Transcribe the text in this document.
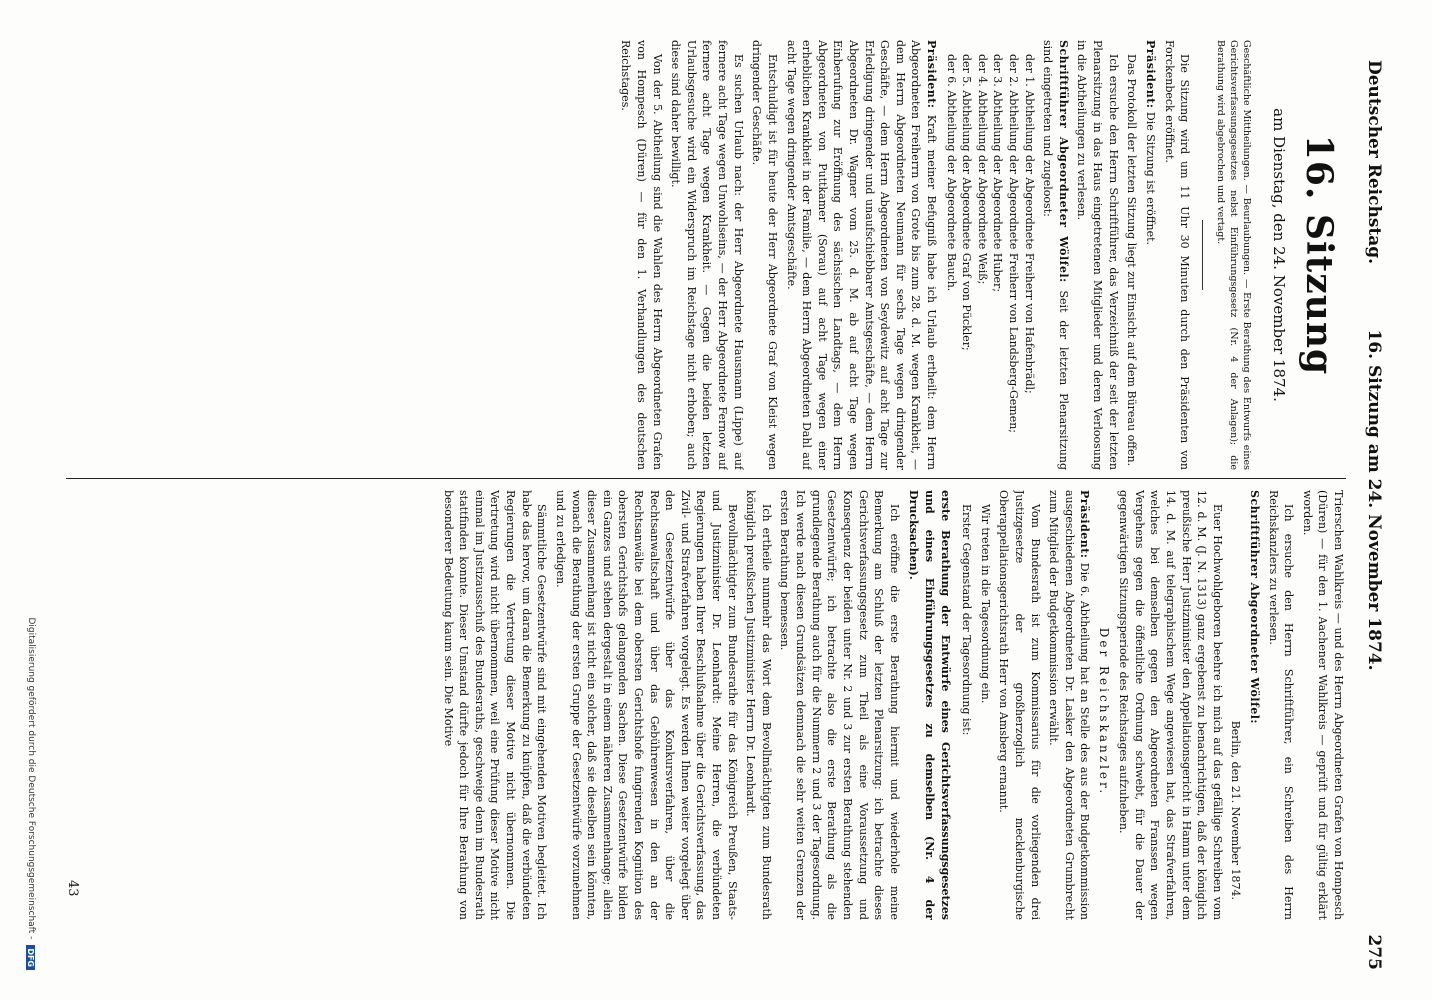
Deutscher Reichstag.
16. Sitzung am 24. November 1874.
275
16. Sitzung
am Dienstag, den 24. November 1874.
Geschäftliche Mittheilungen. — Beurlaubungen. — Erste Berathung des Entwurfs eines Gerichtsverfassungsgesetzes nebst Einführungsgesetz (Nr. 4 der Anlagen); die Berathung wird abgebrochen und vertagt.

Die Sitzung wird um 11 Uhr 30 Minuten durch den Präsidenten von Forckenbeck eröffnet.

Präsident: Die Sitzung ist eröffnet.

Das Protokoll der letzten Sitzung liegt zur Einsicht auf dem Büreau offen.

Ich ersuche den Herrn Schriftführer, das Verzeichniß der seit der letzten Plenarsitzung in das Haus eingetretenen Mitglieder und deren Verloosung in die Abtheilungen zu verlesen.

Schriftführer Abgeordneter Wölfel: Seit der letzten Plenarsitzung sind eingetreten und zugeloost:

der 1. Abtheilung der Abgeordnete Freiherr von Hafenbrädl;
der 2. Abtheilung der Abgeordnete Freiherr von Landsberg-Gemen;
der 3. Abtheilung der Abgeordnete Huber;
der 4. Abtheilung der Abgeordnete Weiß;
der 5. Abtheilung der Abgeordnete Graf von Pückler;
der 6. Abtheilung der Abgeordnete Bauch.

Präsident: Kraft meiner Befugniß habe ich Urlaub ertheilt: dem Herrn Abgeordneten Freiherrn von Grote bis zum 28. d. M. wegen Krankheit, — dem Herrn Abgeordneten Neumann für sechs Tage wegen dringender Geschäfte, — dem Herrn Abgeordneten von Seydewitz auf acht Tage zur Erledigung dringender und unaufschiebbarer Amtsgeschäfte, — dem Herrn Abgeordneten Dr. Wagner vom 25. d. M. ab auf acht Tage wegen Einberufung zur Eröffnung des sächsischen Landtags, — dem Herrn Abgeordneten von Puttkamer (Sorau) auf acht Tage wegen einer erheblichen Krankheit in der Familie, — dem Herrn Abgeordneten Dahl auf acht Tage wegen dringender Amtsgeschäfte.

Entschuldigt ist für heute der Herr Abgeordnete Graf von Kleist wegen dringender Geschäfte.

Es suchen Urlaub nach: der Herr Abgeordnete Hausmann (Lippe) auf fernere acht Tage wegen Unwohlseins, — der Herr Abgeordnete Fernow auf fernere acht Tage wegen Krankheit. — Gegen die beiden letzten Urlaubsgesuche wird ein Widerspruch im Reichstage nicht erhoben; auch diese sind daher bewilligt.

Von der 5. Abtheilung sind die Wahlen des Herrn Abgeordneten Grafen von Hompesch (Düren) — für den 1. Verhandlungen des deutschen Reichstages.

Trierschen Wahlkreis — und des Herrn Abgeordneten Grafen von Hompesch (Düren) — für den 1. Aachener Wahlkreis — geprüft und für gültig erklärt worden.

Ich ersuche den Herrn Schriftführer, ein Schreiben des Herrn Reichskanzlers zu verlesen.

Schriftführer Abgeordneter Wölfel:

Berlin, den 21. November 1874.

Euer Hochwohlgeboren beehre ich mich auf das gefällige Schreiben vom 12. d. M. (J. N. 1313) ganz ergebenst zu benachrichtigen, daß der königlich preußische Herr Justizminister den Appellationsgericht in Hamm unter dem 14. d. M. auf telegraphischem Wege angewiesen hat, das Strafverfahren, welches bei demselben gegen den Abgeordneten Franssen wegen Vergehens gegen die öffentliche Ordnung schwebt, für die Dauer der gegenwärtigen Sitzungsperiode des Reichstages aufzuheben.

Der Reichskanzler.

Präsident: Die 6. Abtheilung hat an Stelle des aus der Budgetkommission ausgeschiedenen Abgeordneten Dr. Lasker den Abgeordneten Grumbrecht zum Mitglied der Budgetkommission erwählt.

Vom Bundesrath ist zum Kommissarius für die vorliegenden drei Justizgesetze der großherzoglich mecklenburgische Oberappellationsgerichtsrath Herr von Amsberg ernannt.

Wir treten in die Tagesordnung ein.

Erster Gegenstand der Tagesordnung ist:

erste Berathung der Entwürfe eines Gerichtsverfassungsgesetzes und eines Einführungsgesetzes zu demselben (Nr. 4 der Drucksachen).

Ich eröffne die erste Berathung hiermit und wiederhole meine Bemerkung am Schluß der letzten Plenarsitzung: ich betrachte dieses Gerichtsverfassungsgesetz zum Theil als eine Voraussetzung und Konsequenz der beiden unter Nr. 2 und 3 zur ersten Berathung stehenden Gesetzentwürfe; ich betrachte also die erste Berathung als die grundlegende Berathung auch für die Nummern 2 und 3 der Tagesordnung. Ich werde nach diesen Grundsätzen demnach die sehr weiten Grenzen der ersten Berathung bemessen.

Ich ertheile nunmehr das Wort dem Bevollmächtigten zum Bundesrath königlich preußischen Justizminister Herrn Dr. Leonhardt.

Bevollmächtigter zum Bundesrathe für das Königreich Preußen, Staats- und Justizminister Dr. Leonhardt: Meine Herren, die verbündeten Regierungen haben Ihrer Beschlußnahme über die Gerichtsverfassung, das Zivil- und Strafverfahren vorgelegt. Es werden Ihnen weiter vorgelegt über den Gesetzentwürfe über das Konkursverfahren, über die Rechtsanwaltschaft und über das Gebührenwesen in den an der Rechtsanwälte bei dem obersten Gerichtshofe fungirenden Kognition des obersten Gerichtshofs gelangenden Sachen. Diese Gesetzentwürfe bilden ein Ganzes und stehen dergestalt in einem näheren Zusammenhange; allein dieser Zusammenhang ist nicht ein solcher, daß sie dieselben sein könnten, wonach die Berathung der ersten Gruppe der Gesetzentwürfe vorzunehmen und zu erledigen.

Sämmtliche Gesetzentwürfe sind mit eingehenden Motiven begleitet. Ich habe das hervor, um daran die Bemerkung zu knüpfen, daß die verbündeten Regierungen die Vertretung dieser Motive nicht übernommen. Die Vertretung wird nicht übernommen, weil eine Prüfung dieser Motive nicht einmal im Justizausschuß des Bundesraths, geschweige denn im Bundesrath stattfinden konnte. Dieser Umstand dürfte jedoch für Ihre Berathung von besonderer Bedeutung kaum sein. Die Motive

43
Digitalisierung gefördert durch die Deutsche Forschungsgemeinschaft -
DFG
